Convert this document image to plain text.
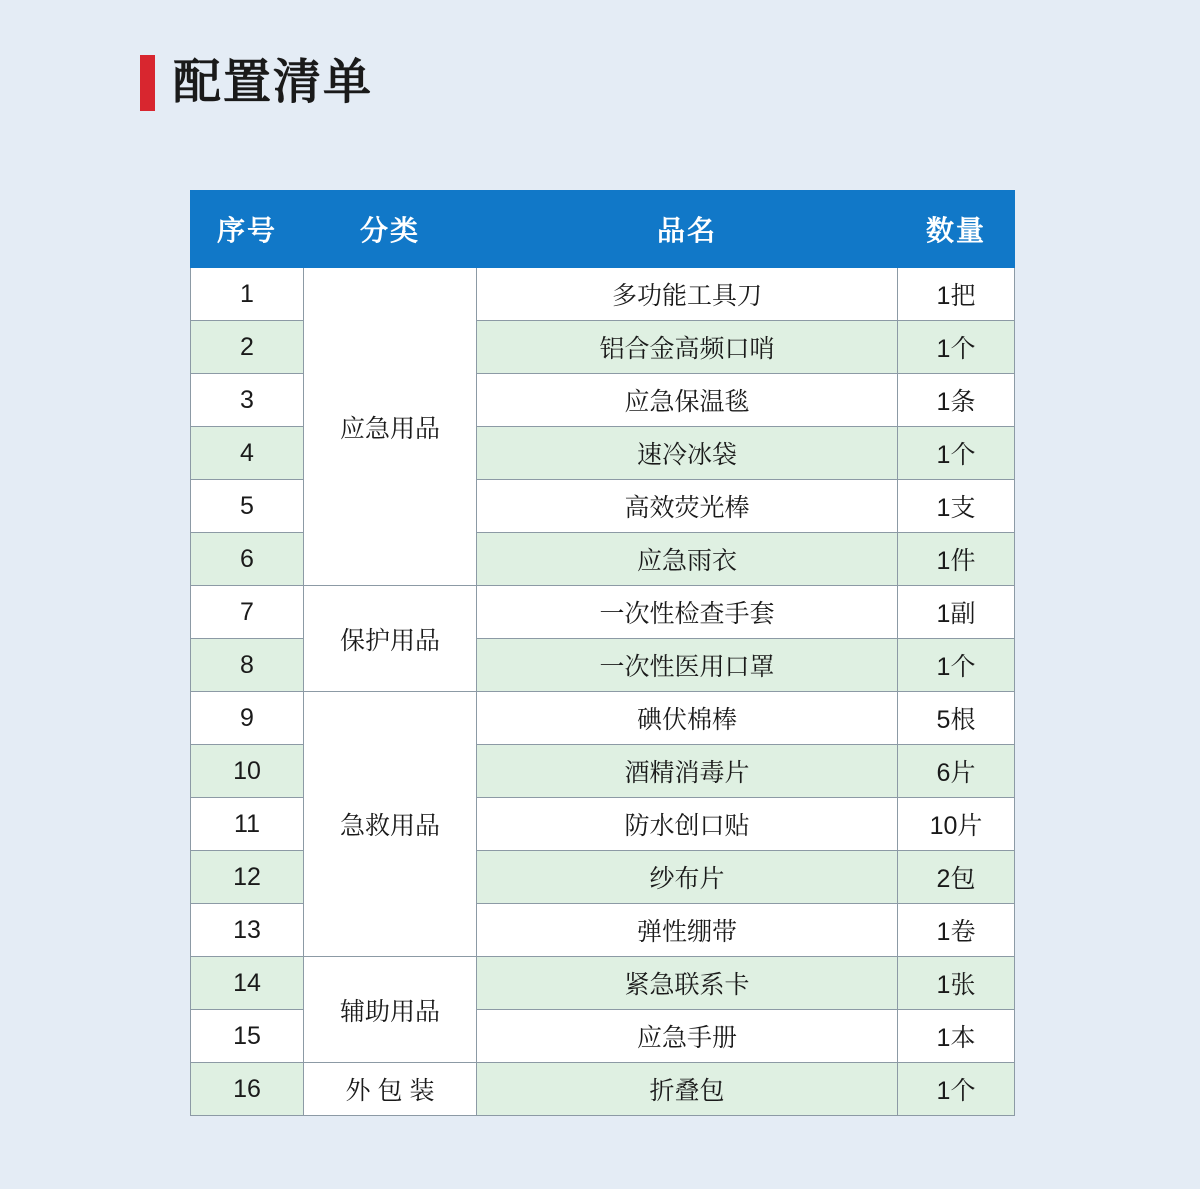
配置清单
序号	分类	品名	数量
1	应急用品	多功能工具刀	1把
2		铝合金高频口哨	1个
3		应急保温毯	1条
4		速冷冰袋	1个
5		高效荧光棒	1支
6		应急雨衣	1件
7	保护用品	一次性检查手套	1副
8		一次性医用口罩	1个
9	急救用品	碘伏棉棒	5根
10		酒精消毒片	6片
11		防水创口贴	10片
12		纱布片	2包
13		弹性绷带	1卷
14	辅助用品	紧急联系卡	1张
15		应急手册	1本
16	外 包 装	折叠包	1个
